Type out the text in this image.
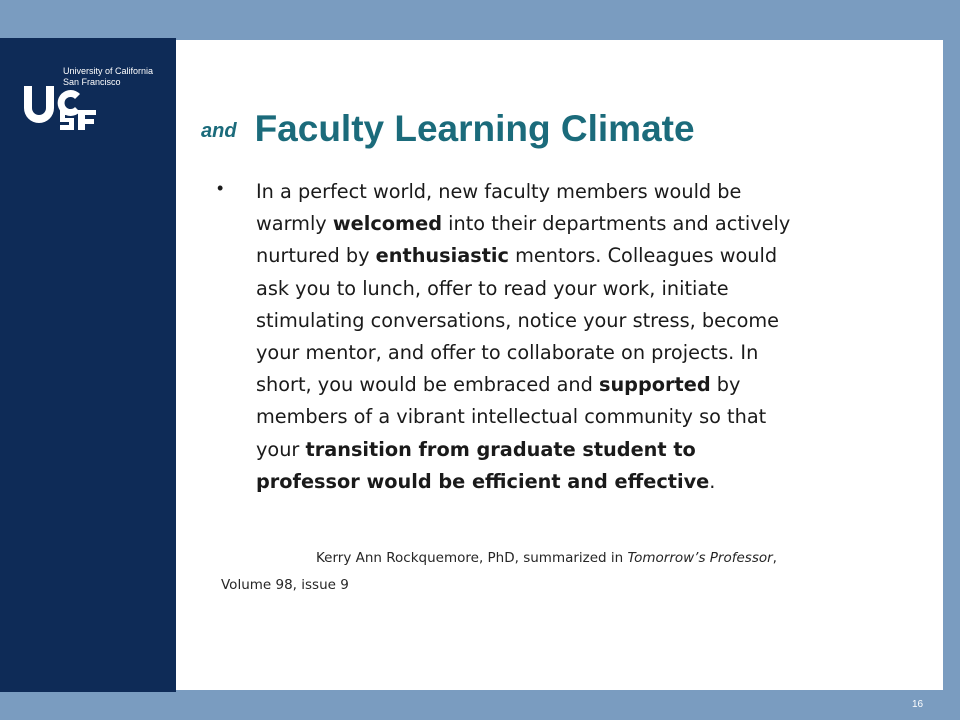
University of California
San Francisco
UCSF
and Faculty Learning Climate
• In a perfect world, new faculty members would be warmly welcomed into their departments and actively nurtured by enthusiastic mentors. Colleagues would ask you to lunch, offer to read your work, initiate stimulating conversations, notice your stress, become your mentor, and offer to collaborate on projects. In short, you would be embraced and supported by members of a vibrant intellectual community so that your transition from graduate student to professor would be efficient and effective.
Kerry Ann Rockquemore, PhD, summarized in Tomorrow’s Professor, Volume 98, issue 9
16
